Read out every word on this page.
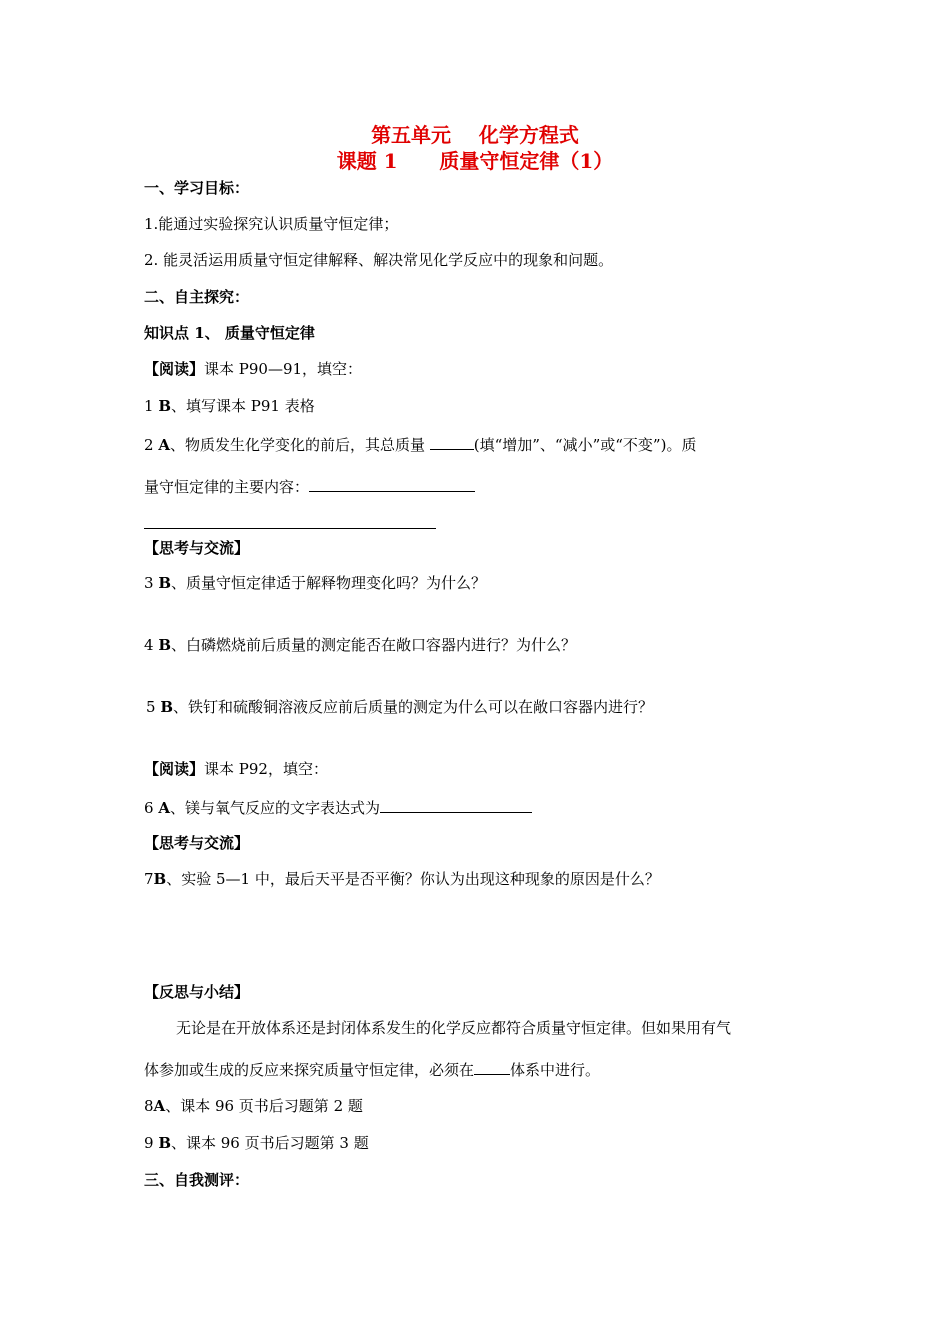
第五单元    化学方程式
课题 1      质量守恒定律（1）
一、学习目标：
1.能通过实验探究认识质量守恒定律；
2. 能灵活运用质量守恒定律解释、解决常见化学反应中的现象和问题。
二、自主探究：
知识点 1、 质量守恒定律
【阅读】课本 P90—91，填空：
1 B、填写课本 P91 表格
2 A、物质发生化学变化的前后，其总质量	(填“增加”、“减小”或“不变”)。质
量守恒定律的主要内容：
【思考与交流】
3 B、质量守恒定律适于解释物理变化吗？为什么？
4 B、白磷燃烧前后质量的测定能否在敞口容器内进行？为什么？
5 B、铁钉和硫酸铜溶液反应前后质量的测定为什么可以在敞口容器内进行？
【阅读】课本 P92，填空：
6 A、镁与氧气反应的文字表达式为
【思考与交流】
7B、实验 5—1 中，最后天平是否平衡？你认为出现这种现象的原因是什么？
【反思与小结】
无论是在开放体系还是封闭体系发生的化学反应都符合质量守恒定律。但如果用有气
体参加或生成的反应来探究质量守恒定律，必须在 体系中进行。
8A、课本 96 页书后习题第 2 题
9 B、课本 96 页书后习题第 3 题
三、自我测评：
